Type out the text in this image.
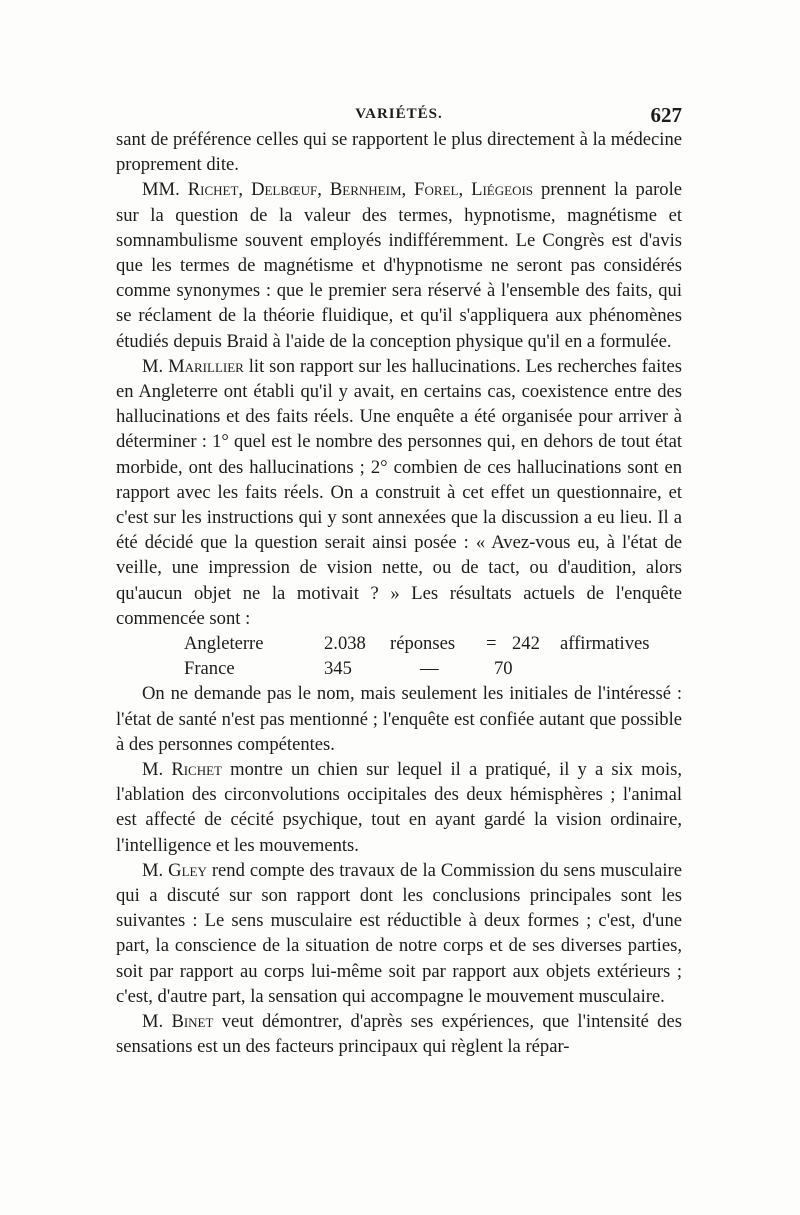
VARIÉTÉS.	627

sant de préférence celles qui se rapportent le plus directement à la médecine proprement dite.

MM. Richet, Delbœuf, Bernheim, Forel, Liégeois prennent la parole sur la question de la valeur des termes, hypnotisme, magnétisme et somnambulisme souvent employés indifféremment. Le Congrès est d'avis que les termes de magnétisme et d'hypnotisme ne seront pas considérés comme synonymes : que le premier sera réservé à l'ensemble des faits, qui se réclament de la théorie fluidique, et qu'il s'appliquera aux phénomènes étudiés depuis Braid à l'aide de la conception physique qu'il en a formulée.

M. Marillier lit son rapport sur les hallucinations. Les recherches faites en Angleterre ont établi qu'il y avait, en certains cas, coexistence entre des hallucinations et des faits réels. Une enquête a été organisée pour arriver à déterminer : 1° quel est le nombre des personnes qui, en dehors de tout état morbide, ont des hallucinations ; 2° combien de ces hallucinations sont en rapport avec les faits réels. On a construit à cet effet un questionnaire, et c'est sur les instructions qui y sont annexées que la discussion a eu lieu. Il a été décidé que la question serait ainsi posée : « Avez-vous eu, à l'état de veille, une impression de vision nette, ou de tact, ou d'audition, alors qu'aucun objet ne la motivait ? » Les résultats actuels de l'enquête commencée sont :

Angleterre	2.038	réponses	= 242	affirmatives
France	345	—	70

On ne demande pas le nom, mais seulement les initiales de l'intéressé : l'état de santé n'est pas mentionné ; l'enquête est confiée autant que possible à des personnes compétentes.

M. Richet montre un chien sur lequel il a pratiqué, il y a six mois, l'ablation des circonvolutions occipitales des deux hémisphères ; l'animal est affecté de cécité psychique, tout en ayant gardé la vision ordinaire, l'intelligence et les mouvements.

M. Gley rend compte des travaux de la Commission du sens musculaire qui a discuté sur son rapport dont les conclusions principales sont les suivantes : Le sens musculaire est réductible à deux formes ; c'est, d'une part, la conscience de la situation de notre corps et de ses diverses parties, soit par rapport au corps lui-même soit par rapport aux objets extérieurs ; c'est, d'autre part, la sensation qui accompagne le mouvement musculaire.

M. Binet veut démontrer, d'après ses expériences, que l'intensité des sensations est un des facteurs principaux qui règlent la répar-
